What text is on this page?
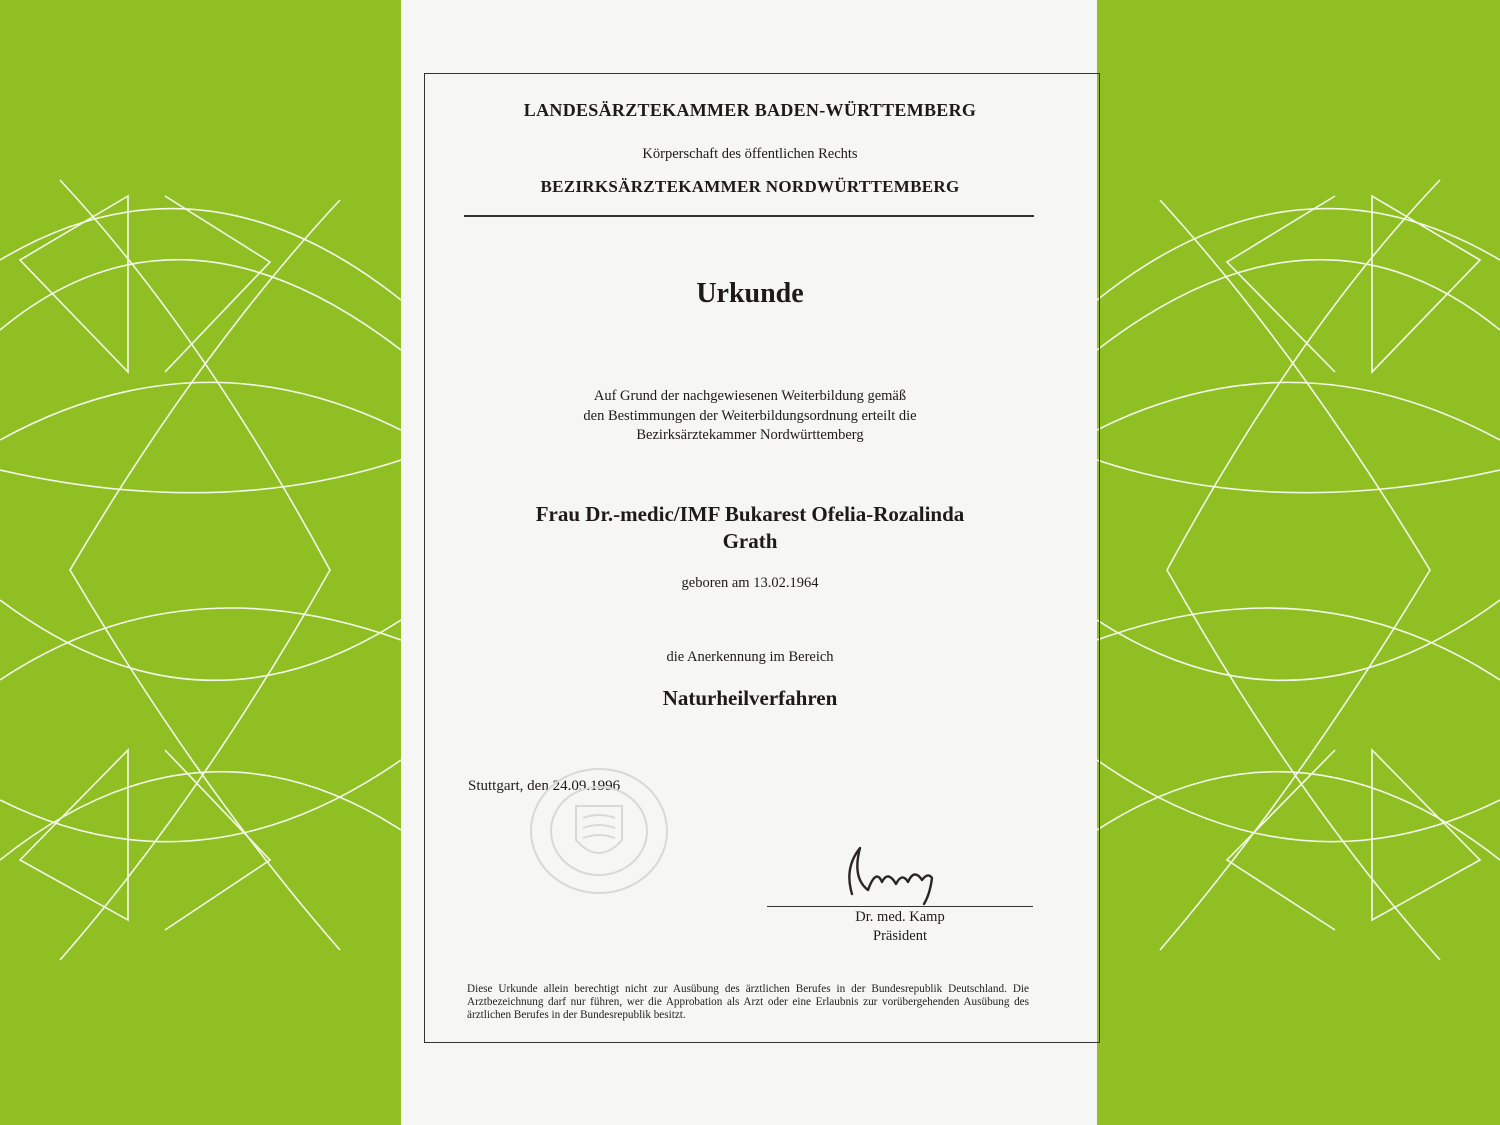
LANDESÄRZTEKAMMER BADEN-WÜRTTEMBERG
Körperschaft des öffentlichen Rechts
BEZIRKSÄRZTEKAMMER NORDWÜRTTEMBERG
Urkunde
Auf Grund der nachgewiesenen Weiterbildung gemäß
den Bestimmungen der Weiterbildungsordnung erteilt die
Bezirksärztekammer Nordwürttemberg
Frau Dr.-medic/IMF Bukarest Ofelia-Rozalinda
Grath
geboren am 13.02.1964
die Anerkennung im Bereich
Naturheilverfahren
Stuttgart, den 24.09.1996
Dr. med. Kamp
Präsident
Diese Urkunde allein berechtigt nicht zur Ausübung des ärztlichen Berufes in der Bundesrepublik Deutschland. Die Arztbezeichnung darf nur führen, wer die Approbation als Arzt oder eine Erlaubnis zur vorübergehenden Ausübung des ärztlichen Berufes in der Bundesrepublik besitzt.
